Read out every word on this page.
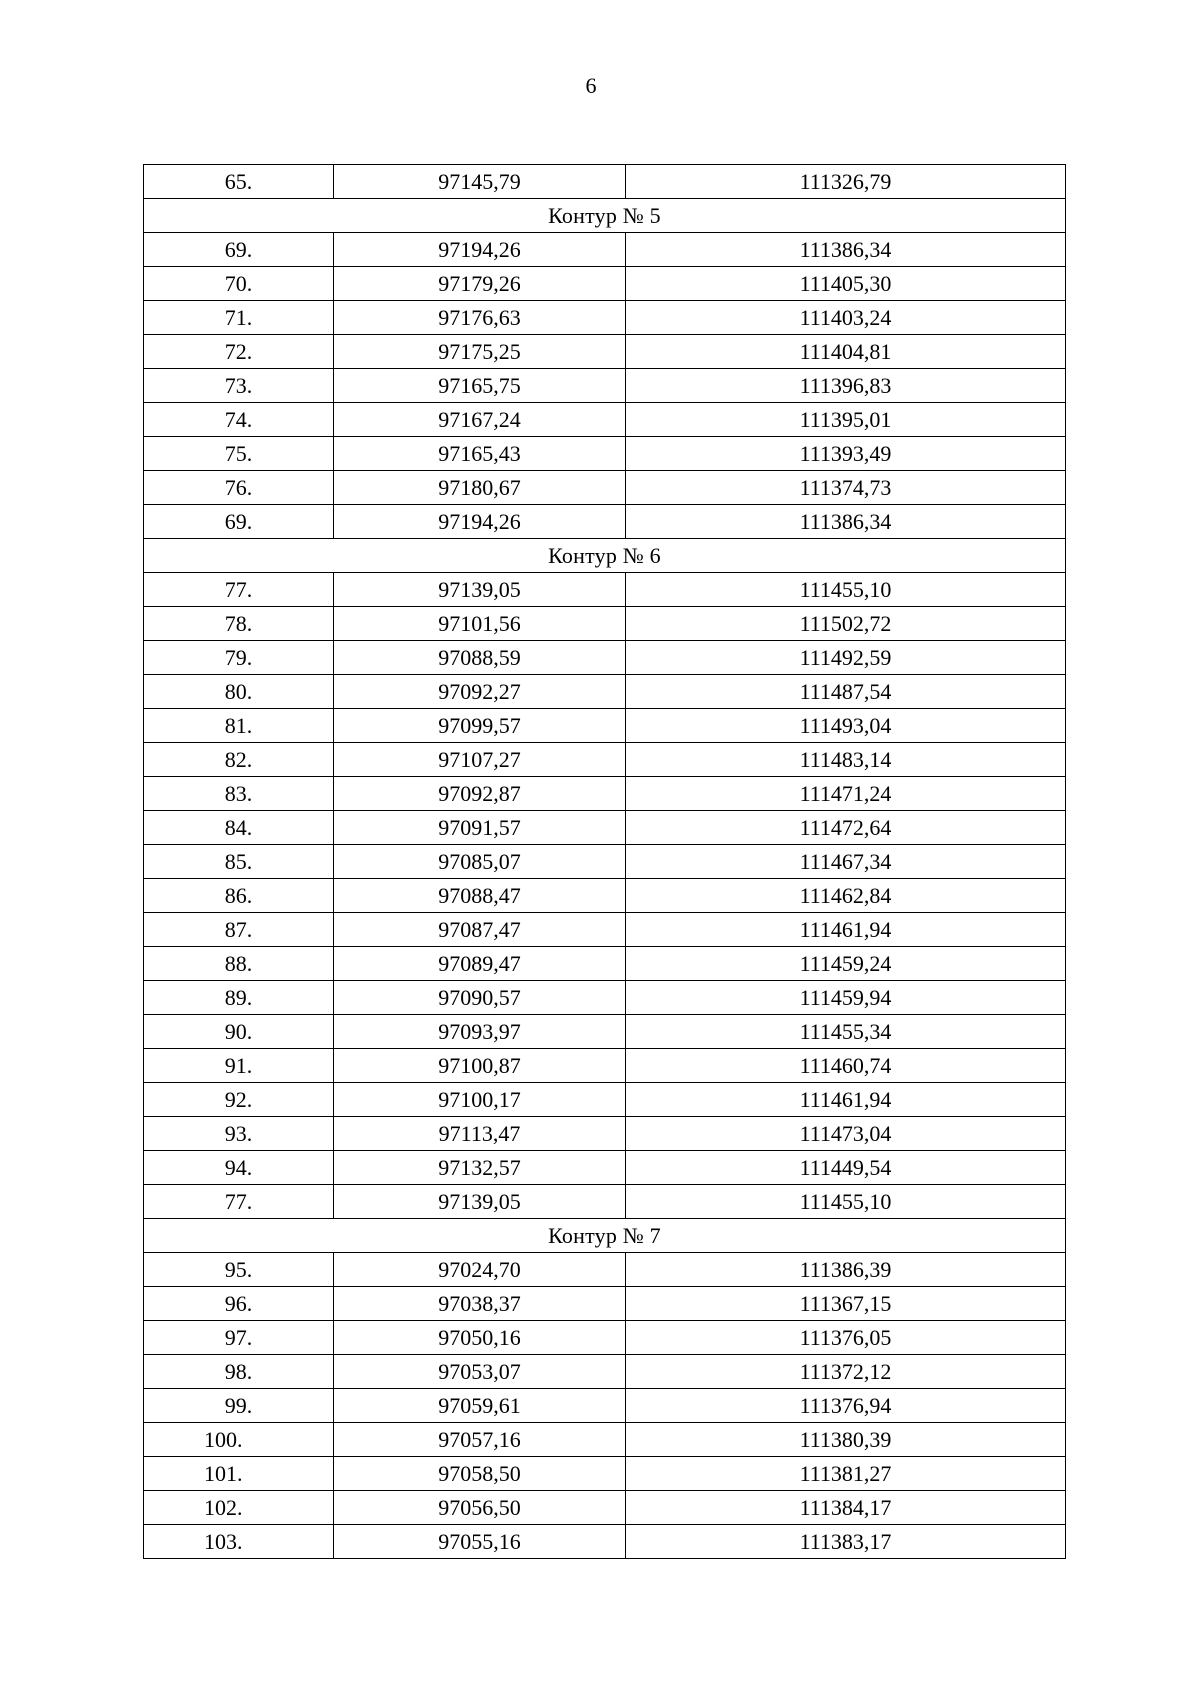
6
65.	97145,79	111326,79
Контур № 5		
69.	97194,26	111386,34
70.	97179,26	111405,30
71.	97176,63	111403,24
72.	97175,25	111404,81
73.	97165,75	111396,83
74.	97167,24	111395,01
75.	97165,43	111393,49
76.	97180,67	111374,73
69.	97194,26	111386,34
Контур № 6		
77.	97139,05	111455,10
78.	97101,56	111502,72
79.	97088,59	111492,59
80.	97092,27	111487,54
81.	97099,57	111493,04
82.	97107,27	111483,14
83.	97092,87	111471,24
84.	97091,57	111472,64
85.	97085,07	111467,34
86.	97088,47	111462,84
87.	97087,47	111461,94
88.	97089,47	111459,24
89.	97090,57	111459,94
90.	97093,97	111455,34
91.	97100,87	111460,74
92.	97100,17	111461,94
93.	97113,47	111473,04
94.	97132,57	111449,54
77.	97139,05	111455,10
Контур № 7		
95.	97024,70	111386,39
96.	97038,37	111367,15
97.	97050,16	111376,05
98.	97053,07	111372,12
99.	97059,61	111376,94
100.	97057,16	111380,39
101.	97058,50	111381,27
102.	97056,50	111384,17
103.	97055,16	111383,17
